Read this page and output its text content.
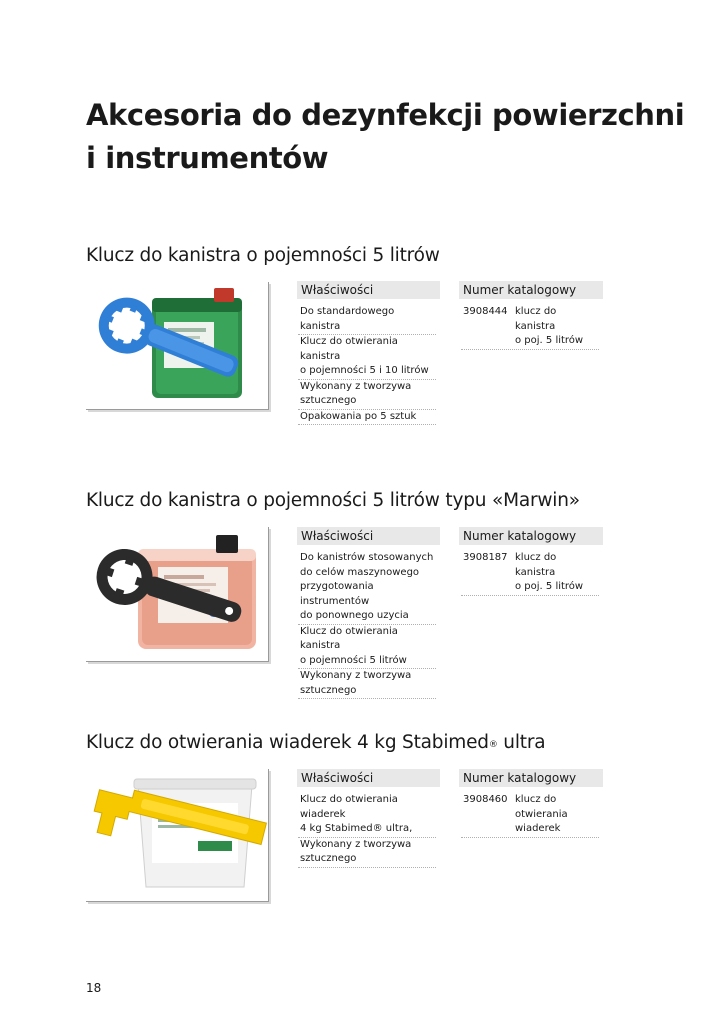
Akcesoria do dezynfekcji powierzchni
i instrumentów
Klucz do kanistra o pojemności 5 litrów
Właściwości
Do standardowego kanistra
Klucz do otwierania kanistra
o pojemności 5 i 10 litrów
Wykonany z tworzywa
sztucznego
Opakowania po 5 sztuk
Numer katalogowy
3908444 klucz do kanistra
o poj. 5 litrów
Klucz do kanistra o pojemności 5 litrów typu «Marwin»
Właściwości
Do kanistrów stosowanych
do celów maszynowego
przygotowania instrumentów
do ponownego uzycia
Klucz do otwierania kanistra
o pojemności 5 litrów
Wykonany z tworzywa
sztucznego
Numer katalogowy
3908187 klucz do kanistra
o poj. 5 litrów
Klucz do otwierania wiaderek 4 kg Stabimed® ultra
Właściwości
Klucz do otwierania wiaderek
4 kg Stabimed® ultra,
Wykonany z tworzywa
sztucznego
Numer katalogowy
3908460 klucz do otwierania
wiaderek
18
